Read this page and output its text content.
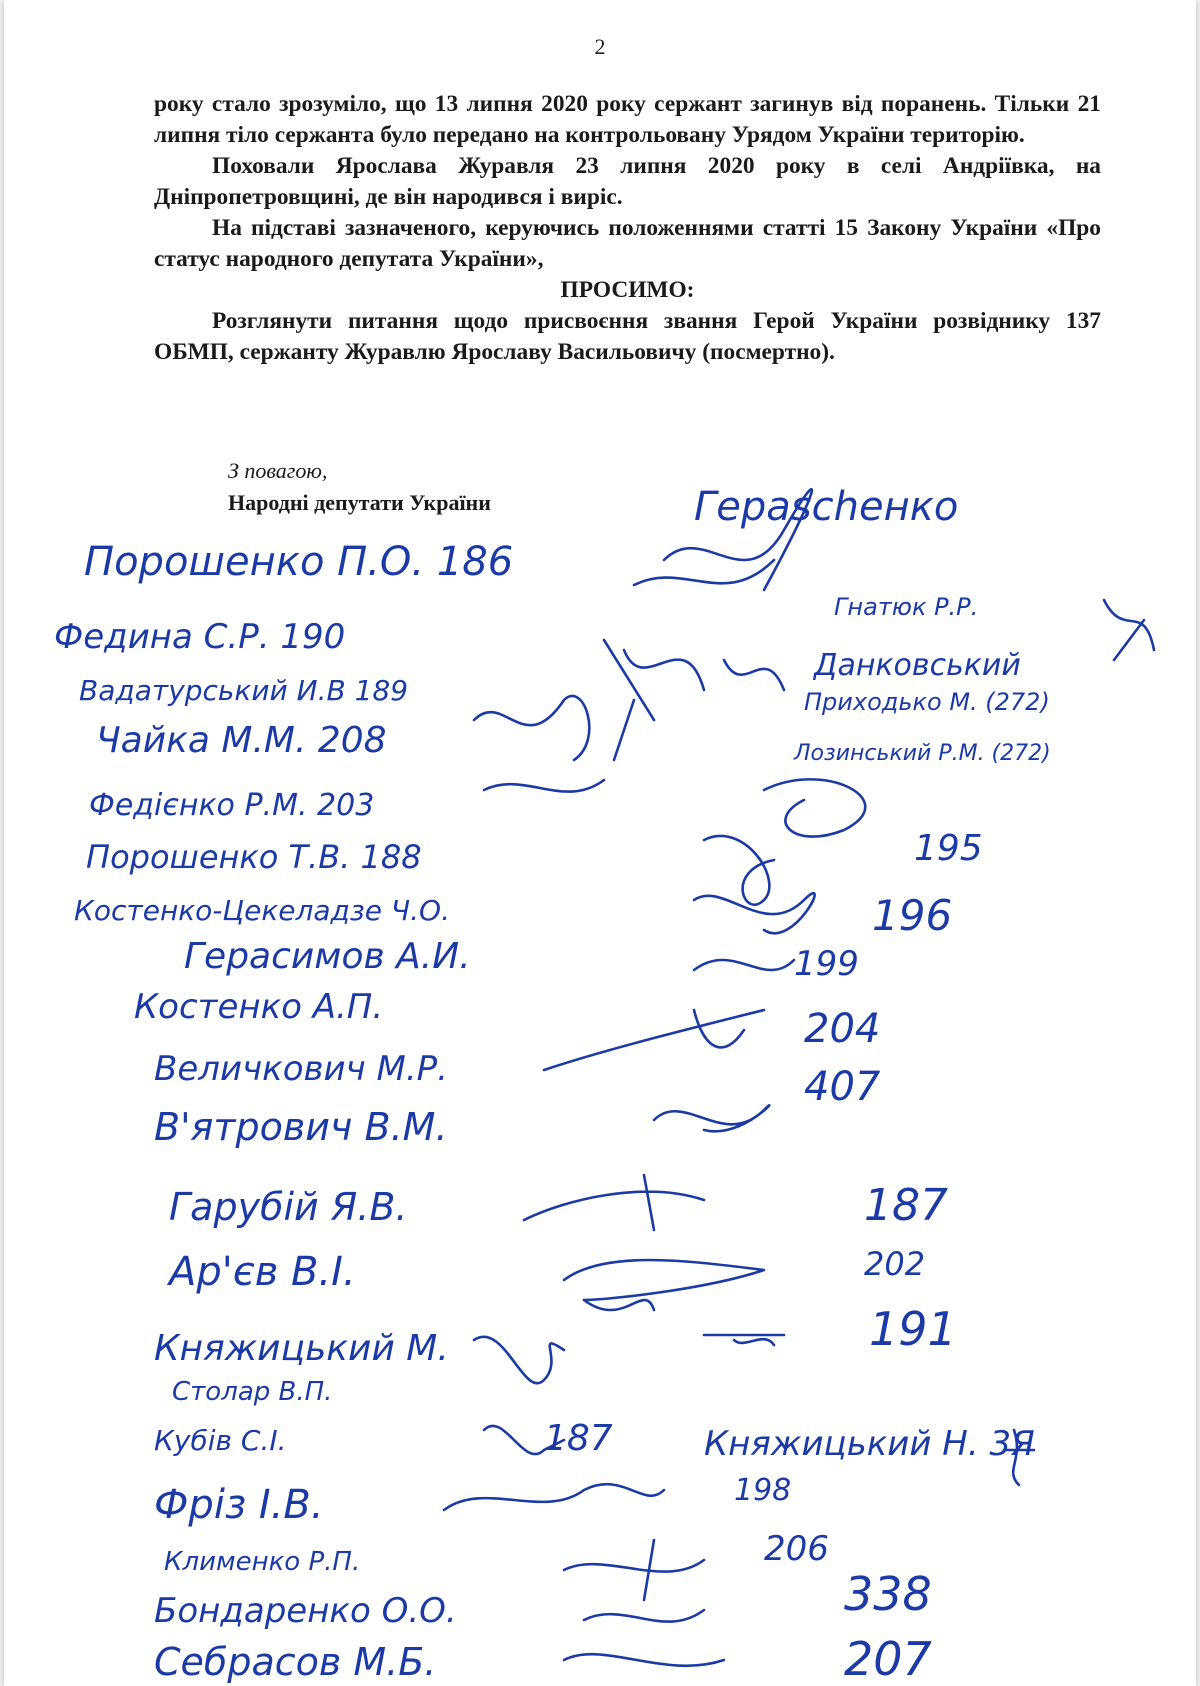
2

року стало зрозуміло, що 13 липня 2020 року сержант загинув від поранень. Тільки 21 липня тіло сержанта було передано на контрольовану Урядом України територію.

Поховали Ярослава Журавля 23 липня 2020 року в селі Андріївка, на Дніпропетровщині, де він народився і виріс.

На підставі зазначеного, керуючись положеннями статті 15 Закону України «Про статус народного депутата України»,

ПРОСИМО:

Розглянути питання щодо присвоєння звання Герой України розвіднику 137 ОБМП, сержанту Журавлю Ярославу Васильовичу (посмертно).

З повагою,
Народні депутати України
Порошенко П.О. 186
Федина С.Р. 190
Вадатурський И.В 189
Чайка М.М. 208
Федієнко Р.М. 203
Порошенко Т.В. 188
Костенко-Цекеладзе Ч.О.
Герасимов А.И.
Костенко А.П.
Величкович М.Р.
В'ятрович В.М.
Гарубій Я.В.
Ар'єв В.І.
Княжицький М.
Столар В.П.
Кубів С.І.
Фріз І.В.
Клименко Р.П.
Бондаренко О.О.
Себрасов М.Б.
Гераschенко
Гнатюк Р.Р.
Данковський
Приходько М. (272)
Лозинський Р.М. (272)
Княжицький Н. 3Я
195
196
199
204
407
187
202
191
187
198
206
338
207
